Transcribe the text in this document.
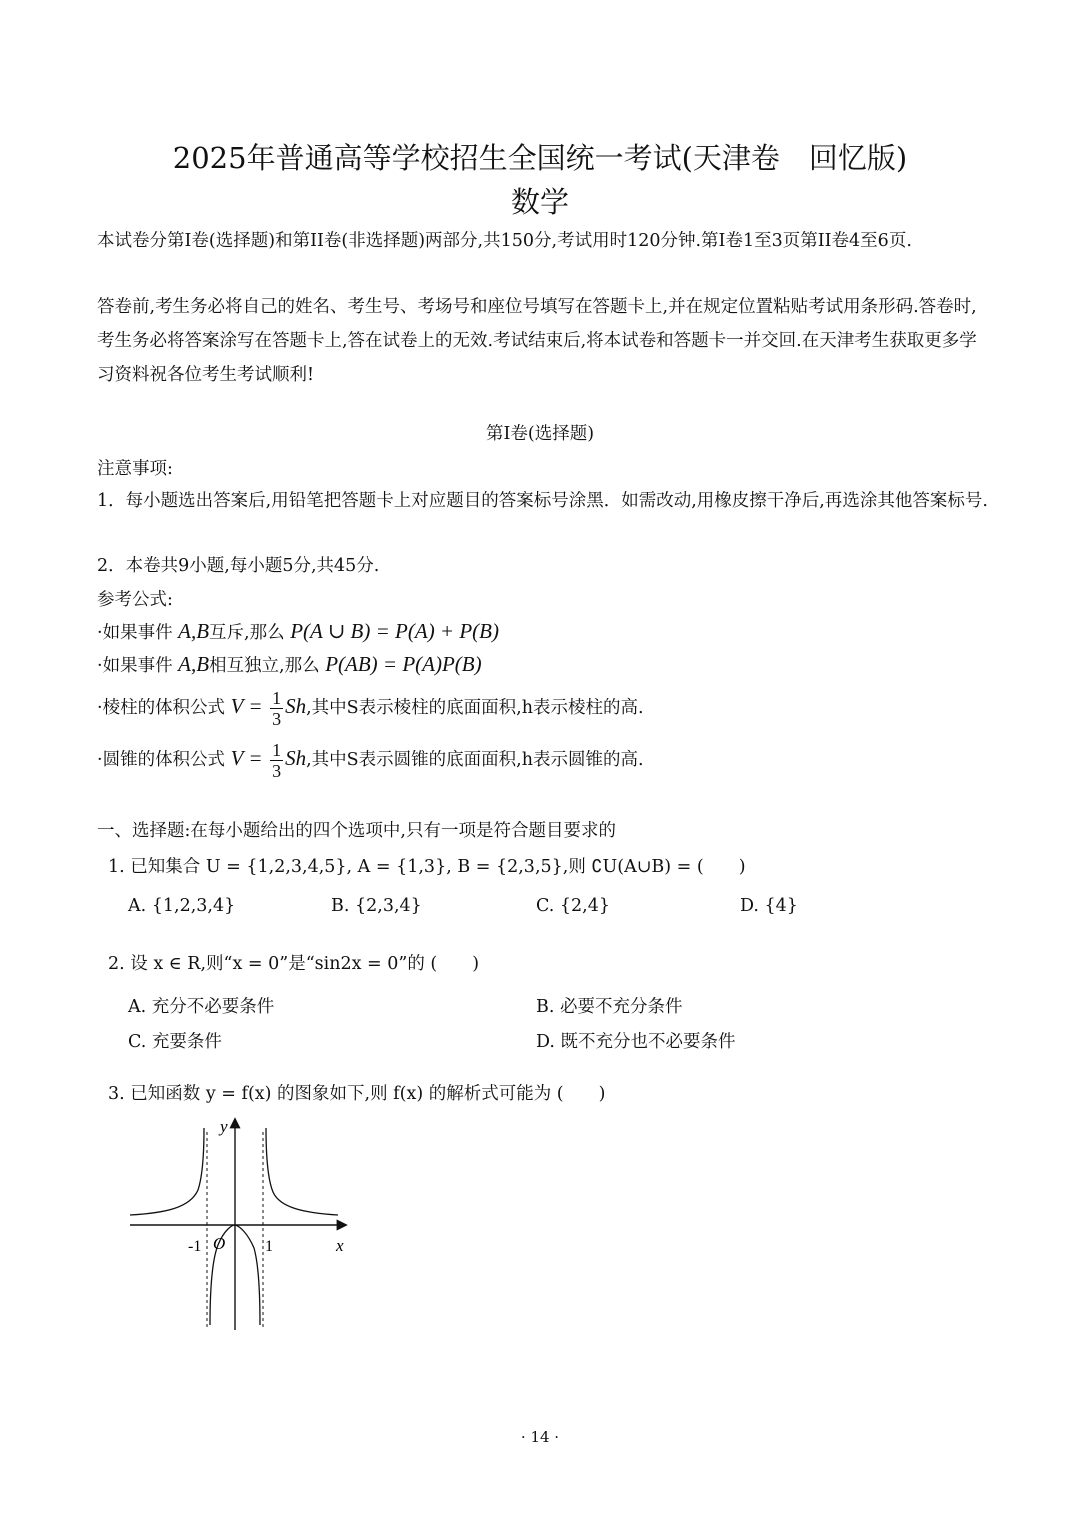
2025年普通高等学校招生全国统一考试(天津卷　回忆版)
数学
本试卷分第I卷(选择题)和第II卷(非选择题)两部分,共150分,考试用时120分钟.第I卷1至3页第II卷4至6页.
答卷前,考生务必将自己的姓名、考生号、考场号和座位号填写在答题卡上,并在规定位置粘贴考试用条形码.答卷时,考生务必将答案涂写在答题卡上,答在试卷上的无效.考试结束后,将本试卷和答题卡一并交回.在天津考生获取更多学习资料祝各位考生考试顺利!
第I卷(选择题)
注意事项:
1．每小题选出答案后,用铅笔把答题卡上对应题目的答案标号涂黑．如需改动,用橡皮擦干净后,再选涂其他答案标号.
2．本卷共9小题,每小题5分,共45分.
参考公式:
·如果事件 A,B互斥,那么 P(A ∪ B) = P(A) + P(B)
·如果事件 A,B相互独立,那么 P(AB) = P(A)P(B)
·棱柱的体积公式 $V = \frac{1}{3} Sh$,其中S表示棱柱的底面面积,h表示棱柱的高.
·圆锥的体积公式 $V = \frac{1}{3} Sh$,其中S表示圆锥的底面面积,h表示圆锥的高.
一、选择题:在每小题给出的四个选项中,只有一项是符合题目要求的
1. 已知集合 U = {1,2,3,4,5}, A = {1,3}, B = {2,3,5},则 ∁U(A∪B) = (　　)
A. {1,2,3,4}	B. {2,3,4}	C. {2,4}	D. {4}
2. 设 x ∈ R,则“x = 0”是“sin2x = 0”的 (　　)
A. 充分不必要条件	B. 必要不充分条件
C. 充要条件	D. 既不充分也不必要条件
3. 已知函数 y = f(x) 的图象如下,则 f(x) 的解析式可能为 (　　)
y
x
O
-1	1
· 14 ·
